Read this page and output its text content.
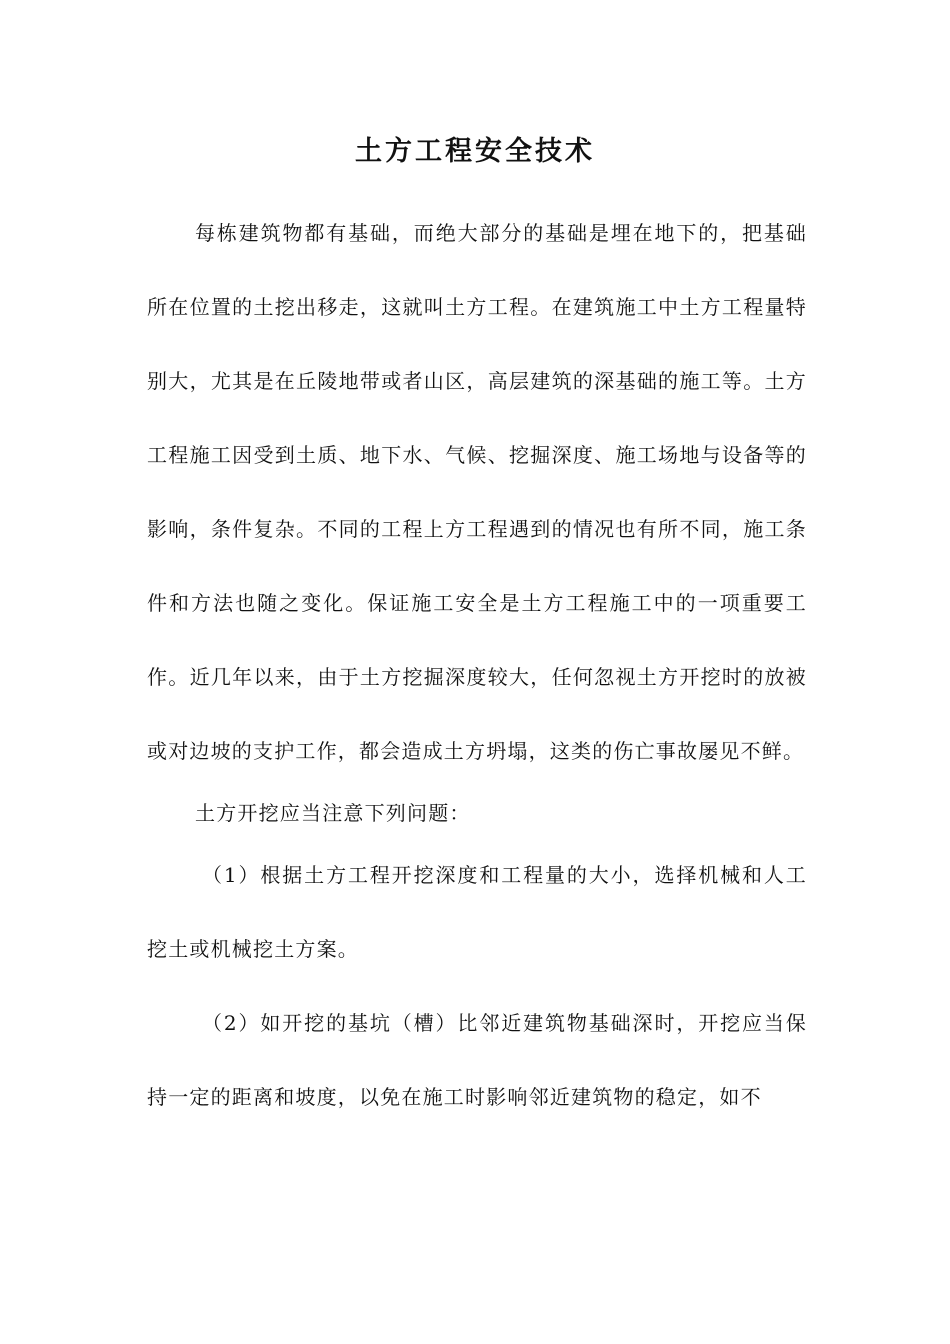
土方工程安全技术

每栋建筑物都有基础，而绝大部分的基础是埋在地下的，把基础所在位置的土挖出移走，这就叫土方工程。在建筑施工中土方工程量特别大，尤其是在丘陵地带或者山区，高层建筑的深基础的施工等。土方工程施工因受到土质、地下水、气候、挖掘深度、施工场地与设备等的影响，条件复杂。不同的工程上方工程遇到的情况也有所不同，施工条件和方法也随之变化。保证施工安全是土方工程施工中的一项重要工作。近几年以来，由于土方挖掘深度较大，任何忽视土方开挖时的放被或对边坡的支护工作，都会造成土方坍塌，这类的伤亡事故屡见不鲜。

土方开挖应当注意下列问题：

（1）根据土方工程开挖深度和工程量的大小，选择机械和人工挖土或机械挖土方案。

（2）如开挖的基坑（槽）比邻近建筑物基础深时，开挖应当保持一定的距离和坡度，以免在施工时影响邻近建筑物的稳定，如不
